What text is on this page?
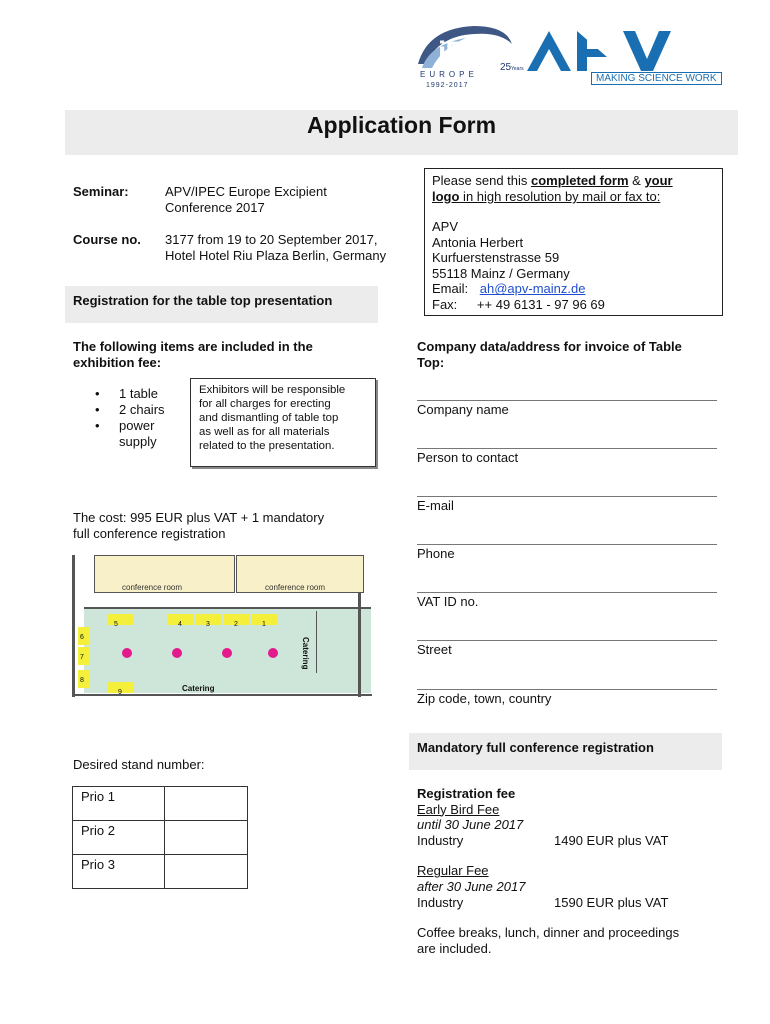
iPEC
25 Years
EUROPE
1992-2017
MAKING SCIENCE WORK
Application Form
Seminar:	APV/IPEC Europe Excipient
Conference 2017
Course no. 3177 from 19 to 20 September 2017,
Hotel Hotel Riu Plaza Berlin, Germany
Please send this completed form & your
logo in high resolution by mail or fax to:
APV
Antonia Herbert
Kurfuerstenstrasse 59
55118 Mainz / Germany
Email: ah@apv-mainz.de
Fax: ++ 49 6131 - 97 96 69
Registration for the table top presentation
The following items are included in the
exhibition fee:
• 1 table
• 2 chairs
• power
supply
Exhibitors will be responsible
for all charges for erecting
and dismantling of table top
as well as for all materials
related to the presentation.
The cost: 995 EUR plus VAT + 1 mandatory
full conference registration
conference room	conference room
Catering
Catering
5	4	3	2	1
6
7
8
9
Desired stand number:
Prio 1	
Prio 2	
Prio 3	
Company data/address for invoice of Table
Top:
Company name
Person to contact
E-mail
Phone
VAT ID no.
Street
Zip code, town, country
Mandatory full conference registration
Registration fee
Early Bird Fee
until 30 June 2017
Industry	1490 EUR plus VAT
Regular Fee
after 30 June 2017
Industry	1590 EUR plus VAT
Coffee breaks, lunch, dinner and proceedings
are included.
